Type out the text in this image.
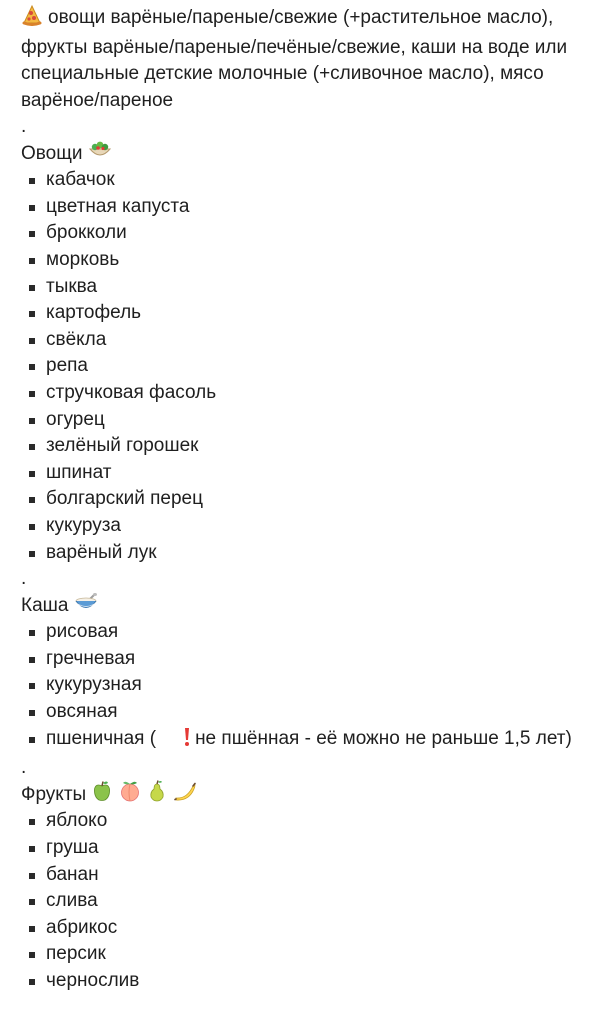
овощи варёные/пареные/свежие (+растительное масло), фрукты варёные/пареные/печёные/свежие, каши на воде или специальные детские молочные (+сливочное масло), мясо варёное/пареное

.

Овощи

кабачок
цветная капуста
брокколи
морковь
тыква
картофель
свёкла
репа
стручковая фасоль
огурец
зелёный горошек
шпинат
болгарский перец
кукуруза
варёный лук

.

Каша

рисовая
гречневая
кукурузная
овсяная
пшеничная ( не пшённая - её можно не раньше 1,5 лет)

.

Фрукты

яблоко
груша
банан
слива
абрикос
персик
чернослив
